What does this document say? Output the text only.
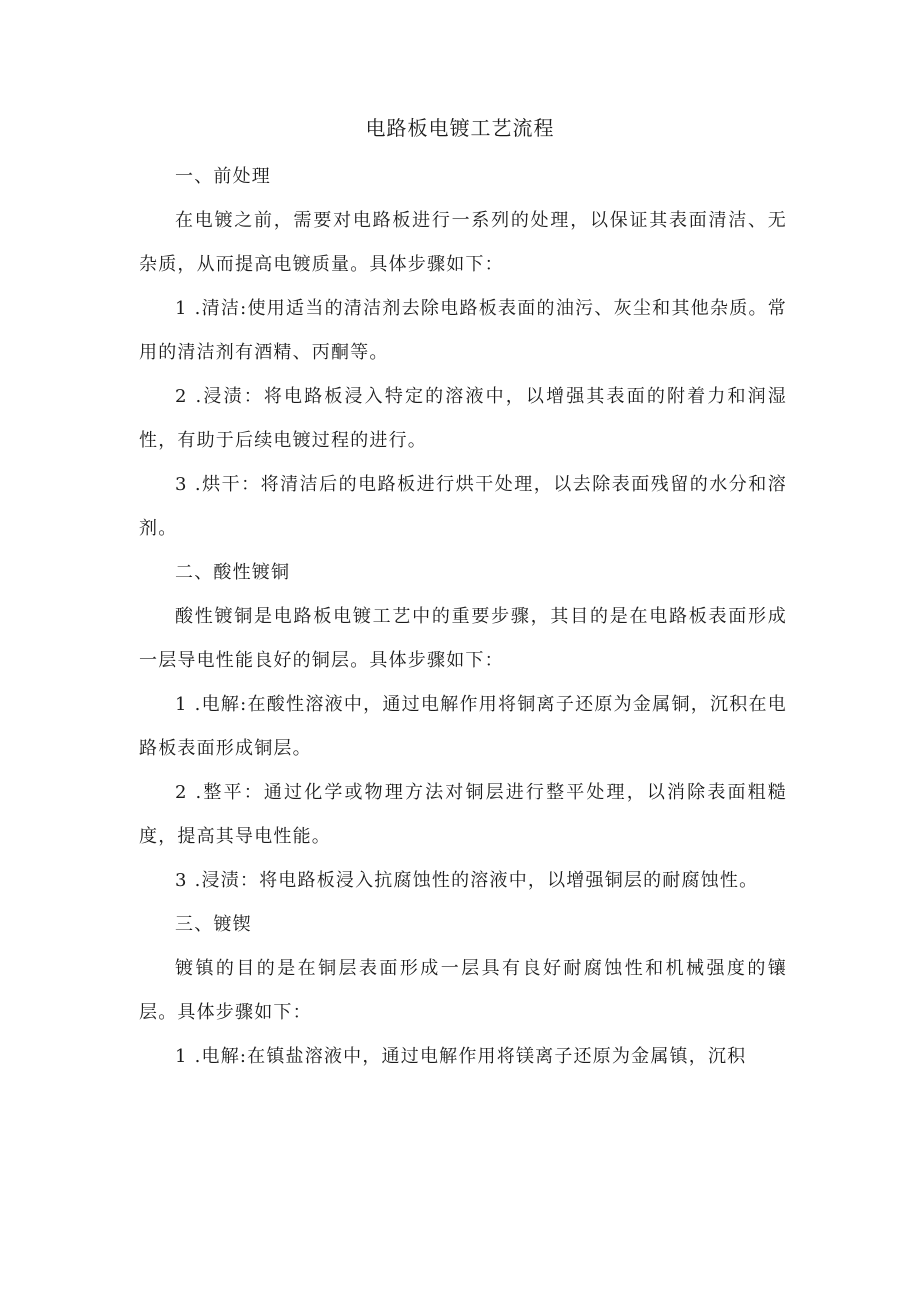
电路板电镀工艺流程

一、前处理

在电镀之前，需要对电路板进行一系列的处理，以保证其表面清洁、无杂质，从而提高电镀质量。具体步骤如下：

1 .清洁:使用适当的清洁剂去除电路板表面的油污、灰尘和其他杂质。常用的清洁剂有酒精、丙酮等。

2 .浸渍：将电路板浸入特定的溶液中，以增强其表面的附着力和润湿性，有助于后续电镀过程的进行。

3 .烘干：将清洁后的电路板进行烘干处理，以去除表面残留的水分和溶剂。

二、酸性镀铜

酸性镀铜是电路板电镀工艺中的重要步骤，其目的是在电路板表面形成一层导电性能良好的铜层。具体步骤如下：

1 .电解:在酸性溶液中，通过电解作用将铜离子还原为金属铜，沉积在电路板表面形成铜层。

2 .整平：通过化学或物理方法对铜层进行整平处理，以消除表面粗糙度，提高其导电性能。

3 .浸渍：将电路板浸入抗腐蚀性的溶液中，以增强铜层的耐腐蚀性。

三、镀锲

镀镇的目的是在铜层表面形成一层具有良好耐腐蚀性和机械强度的镶层。具体步骤如下：

1 .电解:在镇盐溶液中，通过电解作用将镁离子还原为金属镇，沉积
